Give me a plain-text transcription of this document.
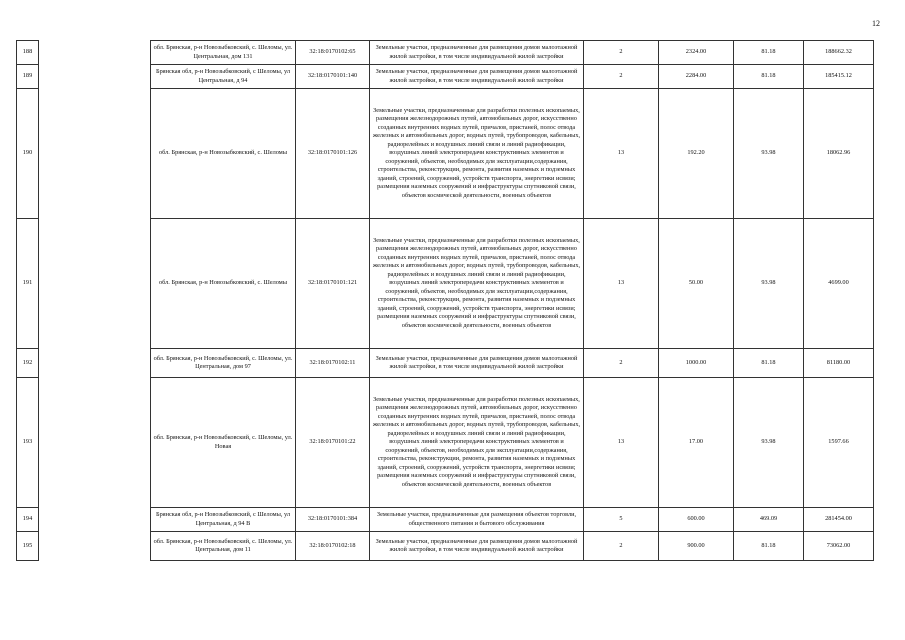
12
188		обл. Брянская, р-н Новозыбковский, с. Шеломы, ул. Центральная, дом 131	32:18:0170102:65	Земельные участки, предназначенные для размещения домов малоэтажной жилой застройки, в том числе индивидуальной жилой застройки	2	2324.00	81.18	188662.32
189		Брянская обл, р-н Новозыбковский, с Шеломы, ул Центральная, д 94	32:18:0170101:140	Земельные участки, предназначенные для размещения домов малоэтажной жилой застройки, в том числе индивидуальной жилой застройки	2	2284.00	81.18	185415.12
190		обл. Брянская, р-н Новозыбковский, с. Шеломы	32:18:0170101:126	Земельные участки, предназначенные для разработки полезных ископаемых, размещения железнодорожных путей, автомобильных дорог, искусственно созданных внутренних водных путей, причалов, пристаней, полос отвода железных и автомобильных дорог, водных путей, трубопроводов, кабельных, радиорелейных и воздушных линий связи и линий радиофикации, воздушных линий электропередачи конструктивных элементов и сооружений, объектов, необходимых для эксплуатации,содержания, строительства, реконструкции, ремонта, развития наземных и подземных зданий, строений, сооружений, устройств транспорта, энергетики исвязи; размещения наземных сооружений и инфраструктуры спутниковой связи, объектов космической деятельности, военных объектов	13	192.20	93.98	18062.96
191		обл. Брянская, р-н Новозыбковский, с. Шеломы	32:18:0170101:121	Земельные участки, предназначенные для разработки полезных ископаемых, размещения железнодорожных путей, автомобильных дорог, искусственно созданных внутренних водных путей, причалов, пристаней, полос отвода железных и автомобильных дорог, водных путей, трубопроводов, кабельных, радиорелейных и воздушных линий связи и линий радиофикации, воздушных линий электропередачи конструктивных элементов и сооружений, объектов, необходимых для эксплуатации,содержания, строительства, реконструкции, ремонта, развития наземных и подземных зданий, строений, сооружений, устройств транспорта, энергетики исвязи; размещения наземных сооружений и инфраструктуры спутниковой связи, объектов космической деятельности, военных объектов	13	50.00	93.98	4699.00
192		обл. Брянская, р-н Новозыбковский, с. Шеломы, ул. Центральная, дом 97	32:18:0170102:11	Земельные участки, предназначенные для размещения домов малоэтажной жилой застройки, в том числе индивидуальной жилой застройки	2	1000.00	81.18	81180.00
193		обл. Брянская, р-н Новозыбковский, с. Шеломы, ул. Новая	32:18:0170101:22	Земельные участки, предназначенные для разработки полезных ископаемых, размещения железнодорожных путей, автомобильных дорог, искусственно созданных внутренних водных путей, причалов, пристаней, полос отвода железных и автомобильных дорог, водных путей, трубопроводов, кабельных, радиорелейных и воздушных линий связи и линий радиофикации, воздушных линий электропередачи конструктивных элементов и сооружений, объектов, необходимых для эксплуатации,содержания, строительства, реконструкции, ремонта, развития наземных и подземных зданий, строений, сооружений, устройств транспорта, энергетики исвязи; размещения наземных сооружений и инфраструктуры спутниковой связи, объектов космической деятельности, военных объектов	13	17.00	93.98	1597.66
194		Брянская обл, р-н Новозыбковский, с Шеломы, ул Центральная, д 94 В	32:18:0170101:384	Земельные участки, предназначенные для размещения объектов торговли, общественного питания и бытового обслуживания	5	600.00	469.09	281454.00
195		обл. Брянская, р-н Новозыбковский, с. Шеломы, ул. Центральная, дом 11	32:18:0170102:18	Земельные участки, предназначенные для размещения домов малоэтажной жилой застройки, в том числе индивидуальной жилой застройки	2	900.00	81.18	73062.00
